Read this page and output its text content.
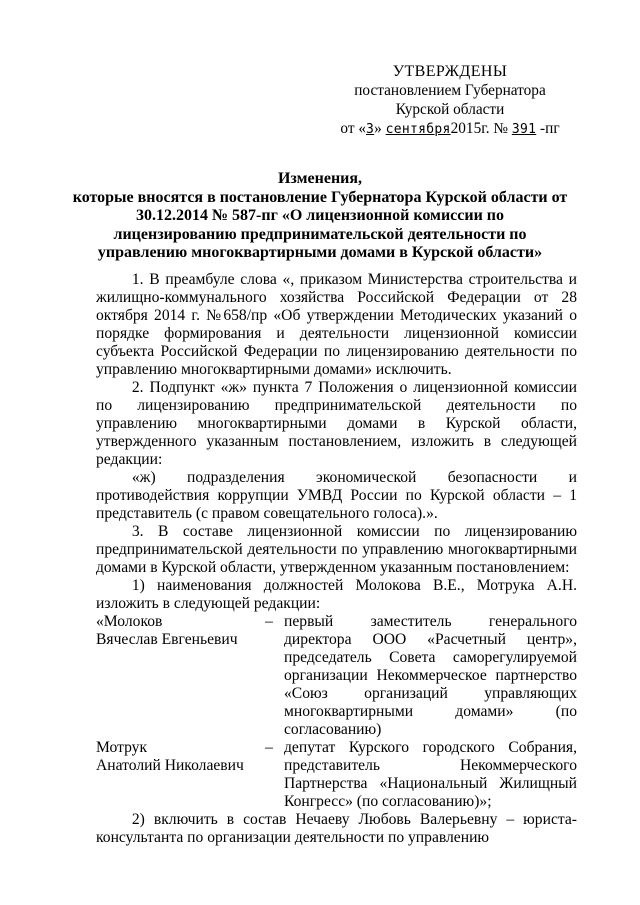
УТВЕРЖДЕНЫ
постановлением Губернатора
Курской области
от «3» сентября2015г. № 391 -пг
Изменения,
которые вносятся в постановление Губернатора Курской области от
30.12.2014 № 587-пг «О лицензионной комиссии по
лицензированию предпринимательской деятельности по
управлению многоквартирными домами в Курской области»

1. В преамбуле слова «, приказом Министерства строительства и жилищно-коммунального хозяйства Российской Федерации от 28 октября 2014 г. №658/пр «Об утверждении Методических указаний о порядке формирования и деятельности лицензионной комиссии субъекта Российской Федерации по лицензированию деятельности по управлению многоквартирными домами» исключить.

2. Подпункт «ж» пункта 7 Положения о лицензионной комиссии по лицензированию предпринимательской деятельности по управлению многоквартирными домами в Курской области, утвержденного указанным постановлением, изложить в следующей редакции:

«ж) подразделения экономической безопасности и противодействия коррупции УМВД России по Курской области – 1 представитель (с правом совещательного голоса).».

3. В составе лицензионной комиссии по лицензированию предпринимательской деятельности по управлению многоквартирными домами в Курской области, утвержденном указанным постановлением:

1) наименования должностей Молокова В.Е., Мотрука А.Н. изложить в следующей редакции:

«Молоков
Вячеслав Евгеньевич
– первый заместитель генерального директора ООО «Расчетный центр», председатель Совета саморегулируемой организации Некоммерческое партнерство «Союз организаций управляющих многоквартирными домами» (по согласованию)
Мотрук
Анатолий Николаевич
– депутат Курского городского Собрания, представитель Некоммерческого Партнерства «Национальный Жилищный Конгресс» (по согласованию)»;

2) включить в состав Нечаеву Любовь Валерьевну – юриста-консультанта по организации деятельности по управлению
